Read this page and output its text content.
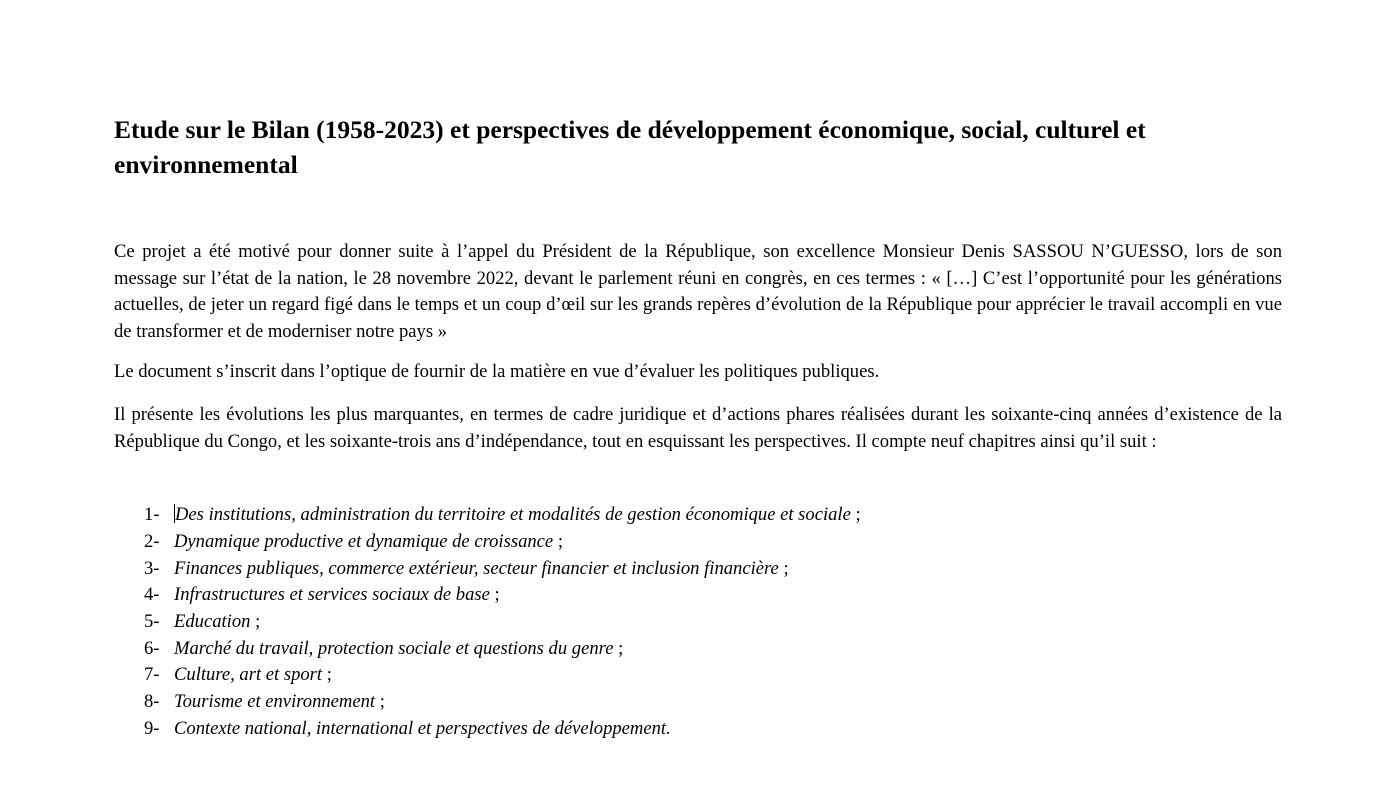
Etude sur le Bilan (1958-2023) et perspectives de développement économique, social, culturel et environnemental

Ce projet a été motivé pour donner suite à l’appel du Président de la République, son excellence Monsieur Denis SASSOU N’GUESSO, lors de son message sur l’état de la nation, le 28 novembre 2022, devant le parlement réuni en congrès, en ces termes : « […] C’est l’opportunité pour les générations actuelles, de jeter un regard figé dans le temps et un coup d’œil sur les grands repères d’évolution de la République pour apprécier le travail accompli en vue de transformer et de moderniser notre pays »

Le document s’inscrit dans l’optique de fournir de la matière en vue d’évaluer les politiques publiques.

Il présente les évolutions les plus marquantes, en termes de cadre juridique et d’actions phares réalisées durant les soixante-cinq années d’existence de la République du Congo, et les soixante-trois ans d’indépendance, tout en esquissant les perspectives. Il compte neuf chapitres ainsi qu’il suit :

1- Des institutions, administration du territoire et modalités de gestion économique et sociale ;
2- Dynamique productive et dynamique de croissance ;
3- Finances publiques, commerce extérieur, secteur financier et inclusion financière ;
4- Infrastructures et services sociaux de base ;
5- Education ;
6- Marché du travail, protection sociale et questions du genre ;
7- Culture, art et sport ;
8- Tourisme et environnement ;
9- Contexte national, international et perspectives de développement.
